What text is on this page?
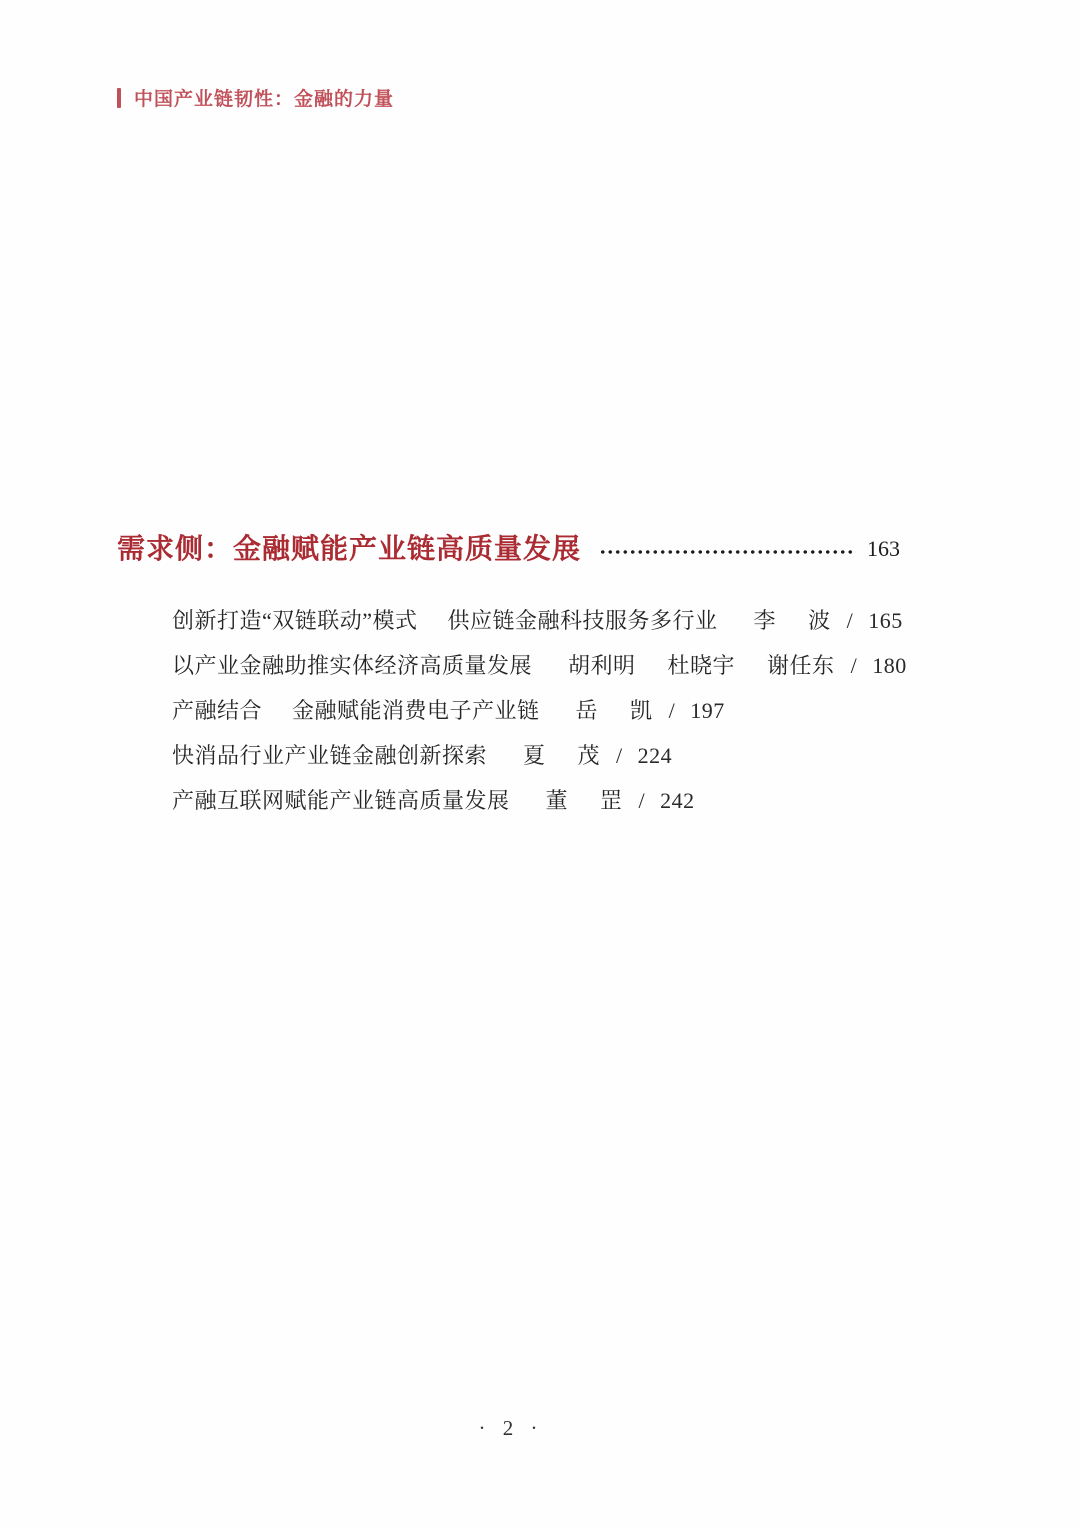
中国产业链韧性：金融的力量
需求侧：金融赋能产业链高质量发展	163
创新打造“双链联动”模式 供应链金融科技服务多行业 李 波 / 165
以产业金融助推实体经济高质量发展 胡利明 杜晓宇 谢任东 / 180
产融结合 金融赋能消费电子产业链 岳 凯 / 197
快消品行业产业链金融创新探索 夏 茂 / 224
产融互联网赋能产业链高质量发展 董 罡 / 242
· 2 ·
